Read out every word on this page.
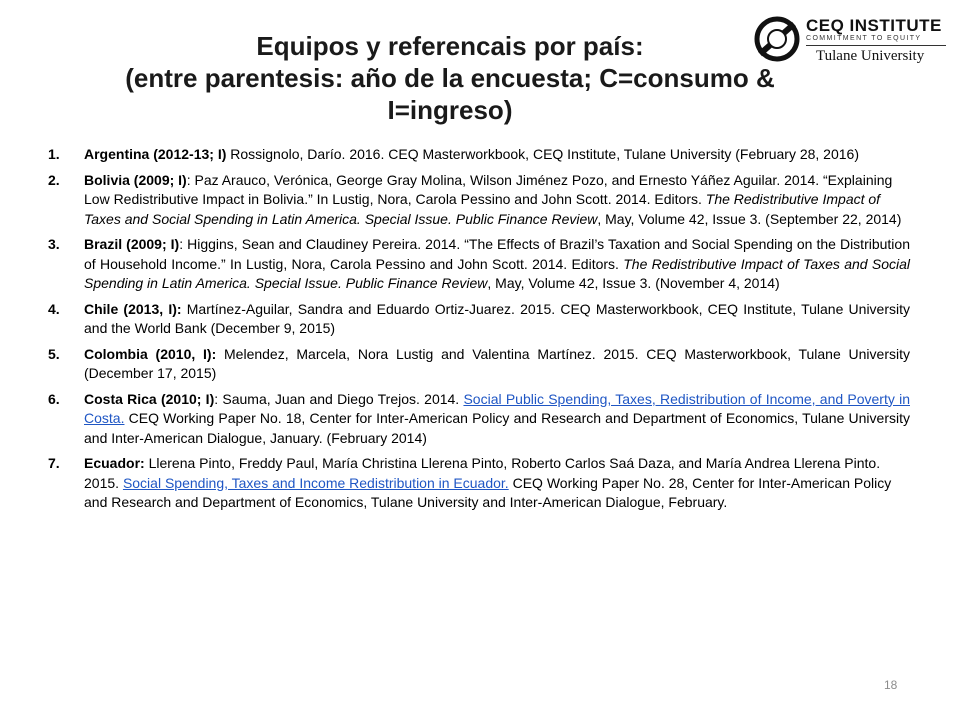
Equipos y referencais por país:
(entre parentesis: año de la encuesta; C=consumo &
I=ingreso)
CEQ INSTITUTE
COMMITMENT TO EQUITY
Tulane University
1.	Argentina (2012-13; I) Rossignolo, Darío. 2016. CEQ Masterworkbook, CEQ Institute, Tulane University (February 28, 2016)
2.	Bolivia (2009; I): Paz Arauco, Verónica, George Gray Molina, Wilson Jiménez Pozo, and Ernesto Yáñez Aguilar. 2014. “Explaining Low Redistributive Impact in Bolivia.” In Lustig, Nora, Carola Pessino and John Scott. 2014. Editors. The Redistributive Impact of Taxes and Social Spending in Latin America. Special Issue. Public Finance Review, May, Volume 42, Issue 3. (September 22, 2014)
3.	Brazil (2009; I): Higgins, Sean and Claudiney Pereira. 2014. “The Effects of Brazil’s Taxation and Social Spending on the Distribution of Household Income.” In Lustig, Nora, Carola Pessino and John Scott. 2014. Editors. The Redistributive Impact of Taxes and Social Spending in Latin America. Special Issue. Public Finance Review, May, Volume 42, Issue 3. (November 4, 2014)
4.	Chile (2013, I): Martínez-Aguilar, Sandra and Eduardo Ortiz-Juarez. 2015. CEQ Masterworkbook, CEQ Institute, Tulane University and the World Bank (December 9, 2015)
5.	Colombia (2010, I): Melendez, Marcela, Nora Lustig and Valentina Martínez. 2015. CEQ Masterworkbook, Tulane University (December 17, 2015)
6.	Costa Rica (2010; I): Sauma, Juan and Diego Trejos. 2014. Social Public Spending, Taxes, Redistribution of Income, and Poverty in Costa. CEQ Working Paper No. 18, Center for Inter-American Policy and Research and Department of Economics, Tulane University and Inter-American Dialogue, January. (February 2014)
7.	Ecuador: Llerena Pinto, Freddy Paul, María Christina Llerena Pinto, Roberto Carlos Saá Daza, and María Andrea Llerena Pinto. 2015. Social Spending, Taxes and Income Redistribution in Ecuador. CEQ Working Paper No. 28, Center for Inter-American Policy and Research and Department of Economics, Tulane University and Inter-American Dialogue, February.
18
